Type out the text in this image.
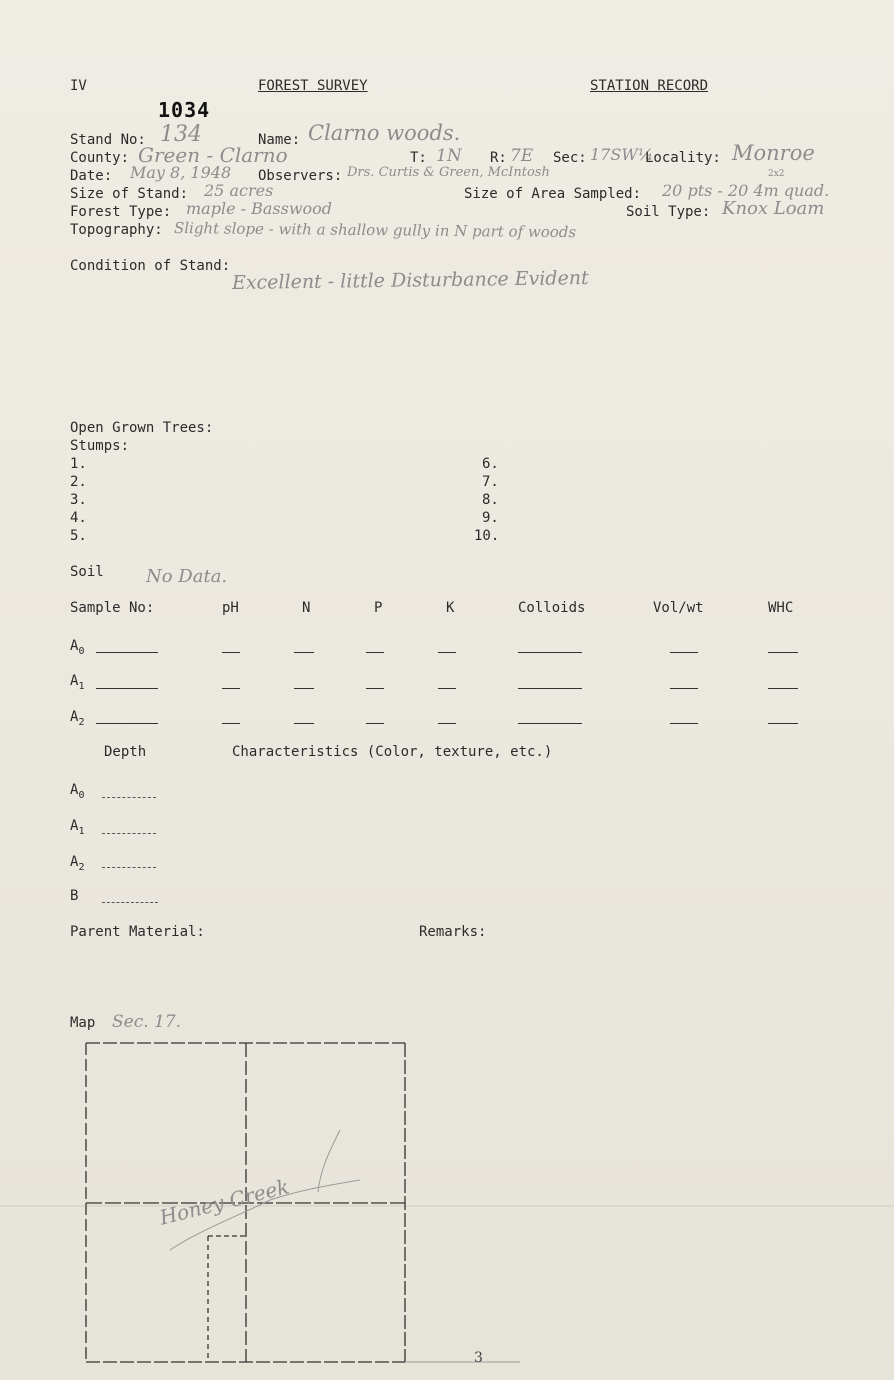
IV	FOREST SURVEY	STATION RECORD
1034
Stand No: 134	Name: Clarno woods.
County: Green - Clarno	T: 1N R: 7E Sec: 17SW¼
Locality: Monroe
Date: May 8, 1948 Observers: Drs. Curtis & Green, McIntosh
Size of Stand: 25 acres	Size of Area Sampled: 20 pts - 20 4m quad.
2x2
Forest Type: maple - Basswood	Soil Type: Knox Loam
Topography: Slight slope - with a shallow gully in N part of woods
Condition of Stand:
Excellent - little Disturbance Evident
Open Grown Trees:
Stumps:
1.
2.
3.
4.
5.
6.
7.
8.
9.
10.
Soil No Data.
Sample No:	pH	N	P	K	Colloids	Vol/wt	WHC
$A_0$
$A_1$
$A_2$
Depth	Characteristics (Color, texture, etc.)
$A_0$
$A_1$
$A_2$
B
Parent Material:	Remarks:
Map Sec. 17.
Honey Creek
3
